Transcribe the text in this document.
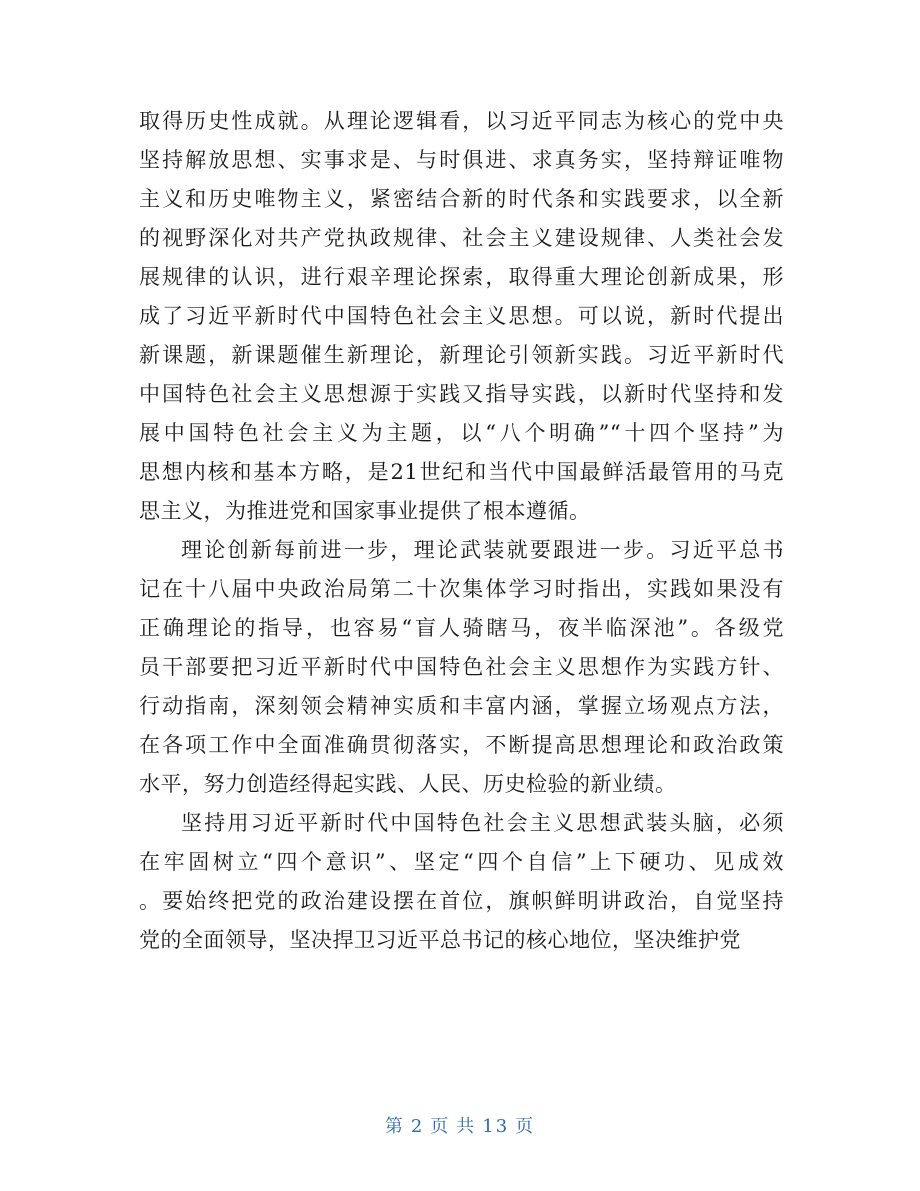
取得历史性成就。从理论逻辑看，以习近平同志为核心的党中央
坚持解放思想、实事求是、与时俱进、求真务实，坚持辩证唯物
主义和历史唯物主义，紧密结合新的时代条和实践要求，以全新
的视野深化对共产党执政规律、社会主义建设规律、人类社会发
展规律的认识，进行艰辛理论探索，取得重大理论创新成果，形
成了习近平新时代中国特色社会主义思想。可以说，新时代提出
新课题，新课题催生新理论，新理论引领新实践。习近平新时代
中国特色社会主义思想源于实践又指导实践，以新时代坚持和发
展中国特色社会主义为主题，以“八个明确”“十四个坚持”为
思想内核和基本方略，是21世纪和当代中国最鲜活最管用的马克
思主义，为推进党和国家事业提供了根本遵循。
理论创新每前进一步，理论武装就要跟进一步。习近平总书
记在十八届中央政治局第二十次集体学习时指出，实践如果没有
正确理论的指导，也容易“盲人骑瞎马，夜半临深池”。各级党
员干部要把习近平新时代中国特色社会主义思想作为实践方针、
行动指南，深刻领会精神实质和丰富内涵，掌握立场观点方法，
在各项工作中全面准确贯彻落实，不断提高思想理论和政治政策
水平，努力创造经得起实践、人民、历史检验的新业绩。
坚持用习近平新时代中国特色社会主义思想武装头脑，必须
在牢固树立“四个意识”、坚定“四个自信”上下硬功、见成效
。要始终把党的政治建设摆在首位，旗帜鲜明讲政治，自觉坚持
党的全面领导，坚决捍卫习近平总书记的核心地位，坚决维护党
第 2 页 共 13 页
